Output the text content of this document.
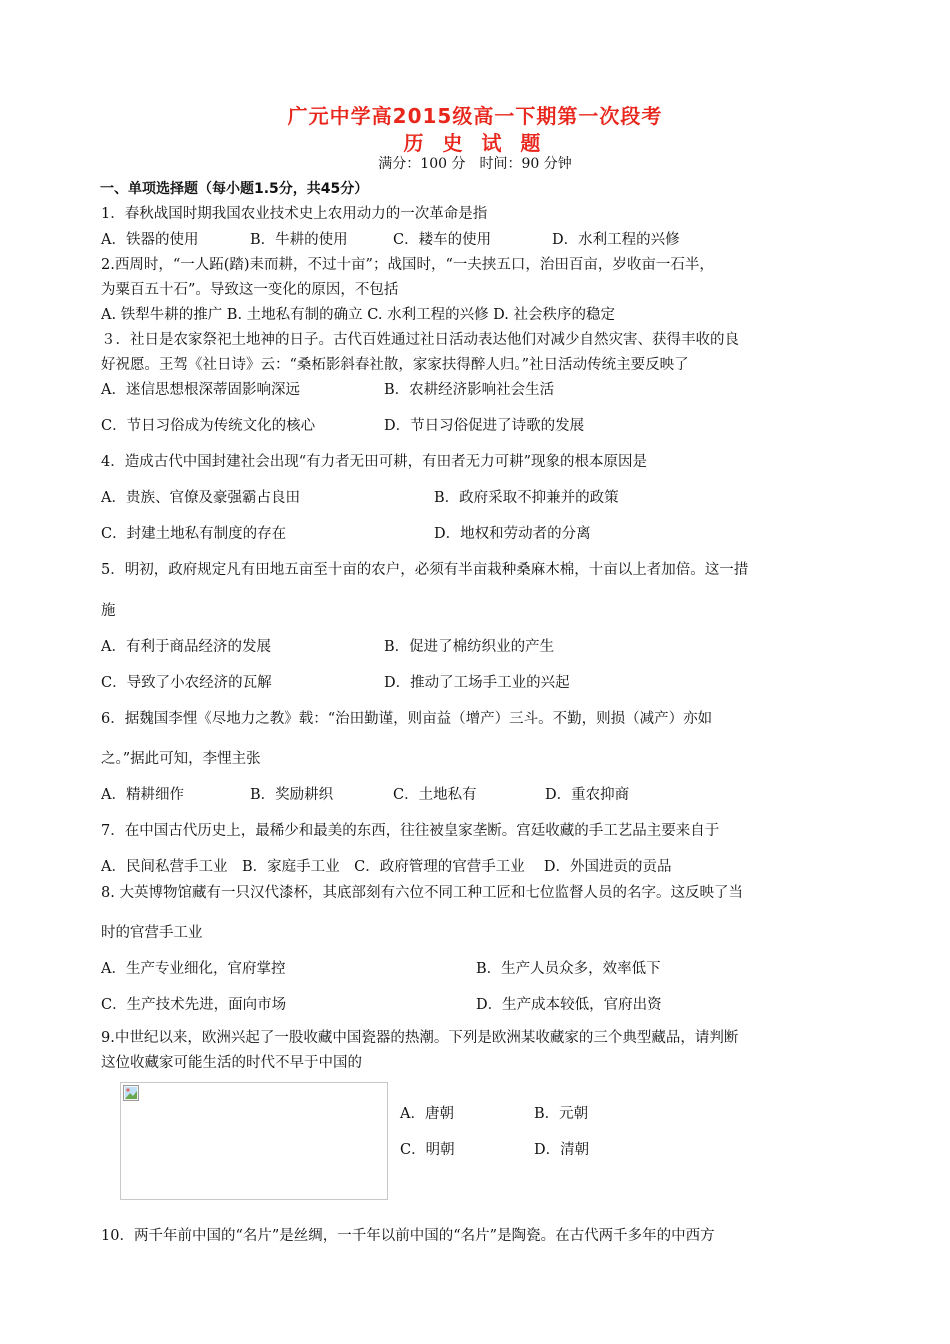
广元中学高2015级高一下期第一次段考
历 史 试 题
满分：100 分　时间：90 分钟
一、单项选择题（每小题1.5分，共45分）
1．春秋战国时期我国农业技术史上农用动力的一次革命是指
A．铁器的使用	B．牛耕的使用	C．耧车的使用	D．水利工程的兴修
2.西周时，“一人跖(踏)耒而耕，不过十亩”；战国时，“一夫挟五口，治田百亩，岁收亩一石半，
为粟百五十石”。导致这一变化的原因，不包括
A. 铁犁牛耕的推广 B. 土地私有制的确立 C. 水利工程的兴修 D. 社会秩序的稳定
３．社日是农家祭祀土地神的日子。古代百姓通过社日活动表达他们对减少自然灾害、获得丰收的良
好祝愿。王驾《社日诗》云：“桑柘影斜春社散，家家扶得醉人归。”社日活动传统主要反映了
A．迷信思想根深蒂固影响深远	B．农耕经济影响社会生活
C．节日习俗成为传统文化的核心	D．节日习俗促进了诗歌的发展
4．造成古代中国封建社会出现“有力者无田可耕，有田者无力可耕”现象的根本原因是
A．贵族、官僚及豪强霸占良田	B．政府采取不抑兼并的政策
C．封建土地私有制度的存在	D．地权和劳动者的分离
5．明初，政府规定凡有田地五亩至十亩的农户，必须有半亩栽种桑麻木棉，十亩以上者加倍。这一措
施
A．有利于商品经济的发展	B．促进了棉纺织业的产生
C．导致了小农经济的瓦解	D．推动了工场手工业的兴起
6．据魏国李悝《尽地力之教》载：“治田勤谨，则亩益（增产）三斗。不勤，则损（减产）亦如
之。”据此可知，李悝主张
A．精耕细作	B．奖励耕织	C．土地私有	D．重农抑商
7．在中国古代历史上，最稀少和最美的东西，往往被皇家垄断。宫廷收藏的手工艺品主要来自于
A．民间私营手工业　B．家庭手工业　C．政府管理的官营手工业　 D．外国进贡的贡品
8. 大英博物馆藏有一只汉代漆杯，其底部刻有六位不同工种工匠和七位监督人员的名字。这反映了当
时的官营手工业
A．生产专业细化，官府掌控	B．生产人员众多，效率低下
C．生产技术先进，面向市场	D．生产成本较低，官府出资
9.中世纪以来，欧洲兴起了一股收藏中国瓷器的热潮。下列是欧洲某收藏家的三个典型藏品，请判断
这位收藏家可能生活的时代不早于中国的
A．唐朝	B．元朝
C．明朝	D．清朝
10．两千年前中国的“名片”是丝绸，一千年以前中国的“名片”是陶瓷。在古代两千多年的中西方
